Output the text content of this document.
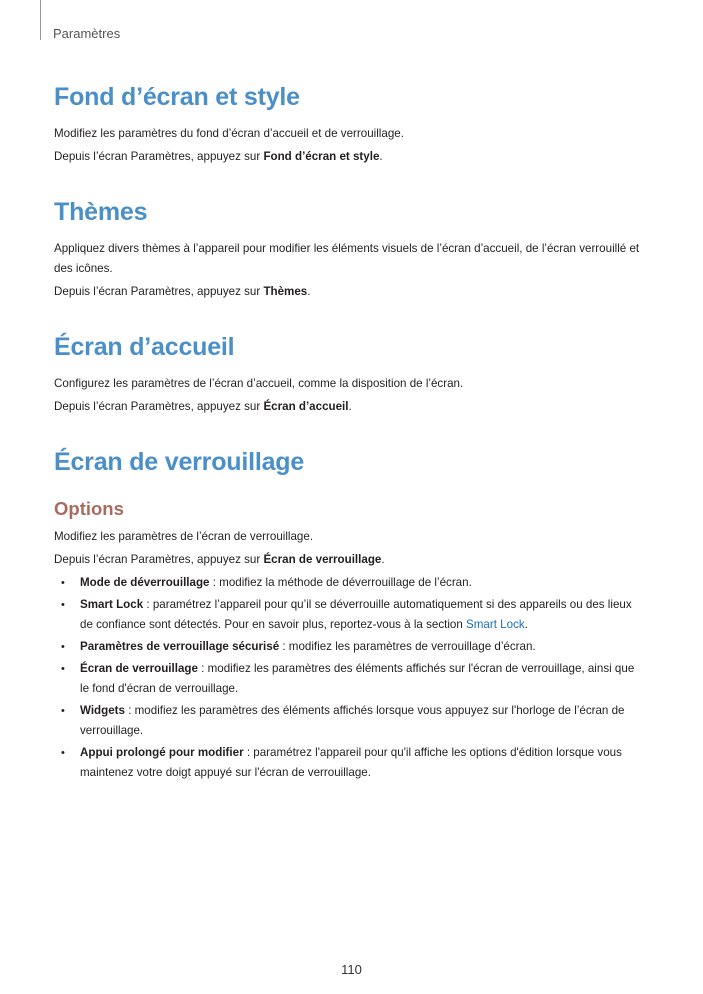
Paramètres
Fond d’écran et style

Modifiez les paramètres du fond d’écran d’accueil et de verrouillage.

Depuis l’écran Paramètres, appuyez sur Fond d’écran et style.

Thèmes

Appliquez divers thèmes à l’appareil pour modifier les éléments visuels de l’écran d’accueil, de l’écran verrouillé et des icônes.

Depuis l’écran Paramètres, appuyez sur Thèmes.

Écran d’accueil

Configurez les paramètres de l’écran d’accueil, comme la disposition de l’écran.

Depuis l’écran Paramètres, appuyez sur Écran d’accueil.

Écran de verrouillage
Options

Modifiez les paramètres de l’écran de verrouillage.

Depuis l’écran Paramètres, appuyez sur Écran de verrouillage.

• Mode de déverrouillage : modifiez la méthode de déverrouillage de l’écran.
• Smart Lock : paramétrez l’appareil pour qu’il se déverrouille automatiquement si des appareils ou des lieux de confiance sont détectés. Pour en savoir plus, reportez-vous à la section Smart Lock.
• Paramètres de verrouillage sécurisé : modifiez les paramètres de verrouillage d’écran.
• Écran de verrouillage : modifiez les paramètres des éléments affichés sur l'écran de verrouillage, ainsi que le fond d'écran de verrouillage.
• Widgets : modifiez les paramètres des éléments affichés lorsque vous appuyez sur l'horloge de l’écran de verrouillage.
• Appui prolongé pour modifier : paramétrez l'appareil pour qu'il affiche les options d'édition lorsque vous maintenez votre doigt appuyé sur l'écran de verrouillage.
110
